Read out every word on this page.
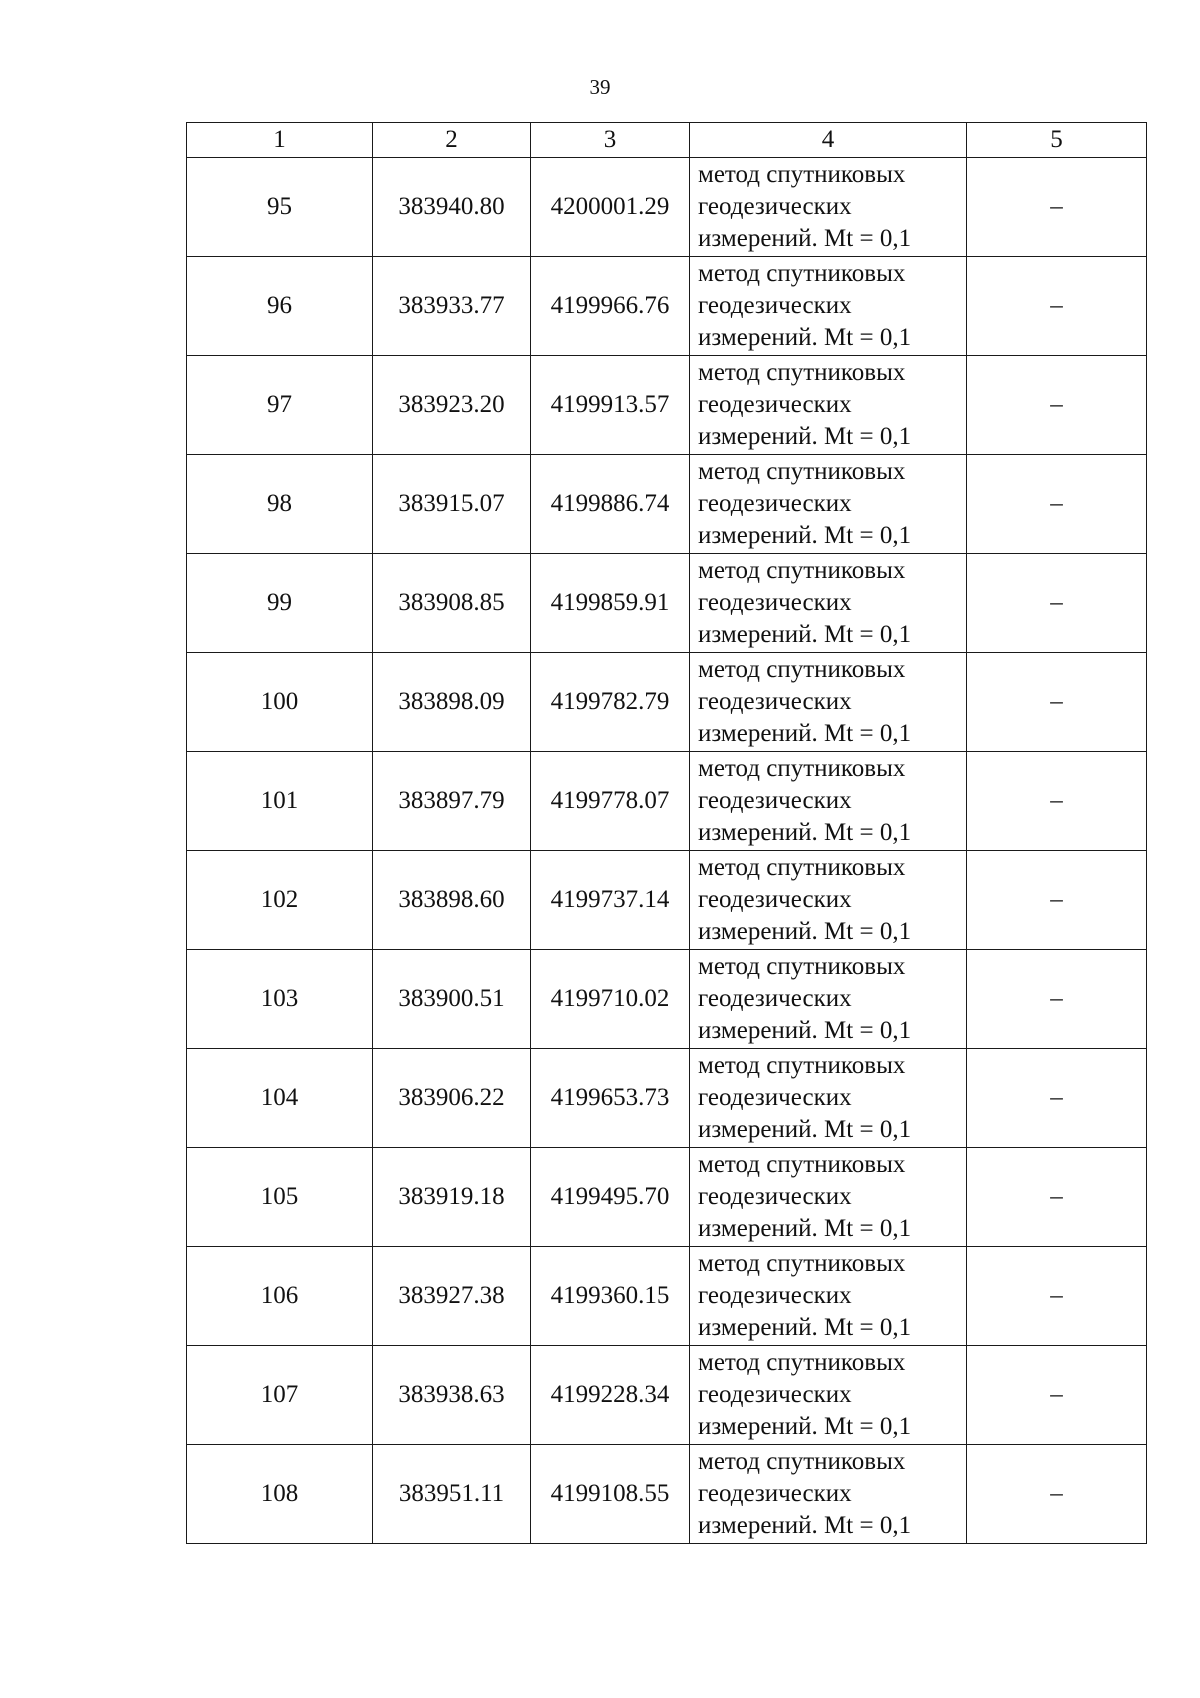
39
1	2	3	4	5
95	383940.80	4200001.29	метод спутниковых
геодезических
измерений. Mt = 0,1	–
96	383933.77	4199966.76	метод спутниковых
геодезических
измерений. Mt = 0,1	–
97	383923.20	4199913.57	метод спутниковых
геодезических
измерений. Mt = 0,1	–
98	383915.07	4199886.74	метод спутниковых
геодезических
измерений. Mt = 0,1	–
99	383908.85	4199859.91	метод спутниковых
геодезических
измерений. Mt = 0,1	–
100	383898.09	4199782.79	метод спутниковых
геодезических
измерений. Mt = 0,1	–
101	383897.79	4199778.07	метод спутниковых
геодезических
измерений. Mt = 0,1	–
102	383898.60	4199737.14	метод спутниковых
геодезических
измерений. Mt = 0,1	–
103	383900.51	4199710.02	метод спутниковых
геодезических
измерений. Mt = 0,1	–
104	383906.22	4199653.73	метод спутниковых
геодезических
измерений. Mt = 0,1	–
105	383919.18	4199495.70	метод спутниковых
геодезических
измерений. Mt = 0,1	–
106	383927.38	4199360.15	метод спутниковых
геодезических
измерений. Mt = 0,1	–
107	383938.63	4199228.34	метод спутниковых
геодезических
измерений. Mt = 0,1	–
108	383951.11	4199108.55	метод спутниковых
геодезических
измерений. Mt = 0,1	–
